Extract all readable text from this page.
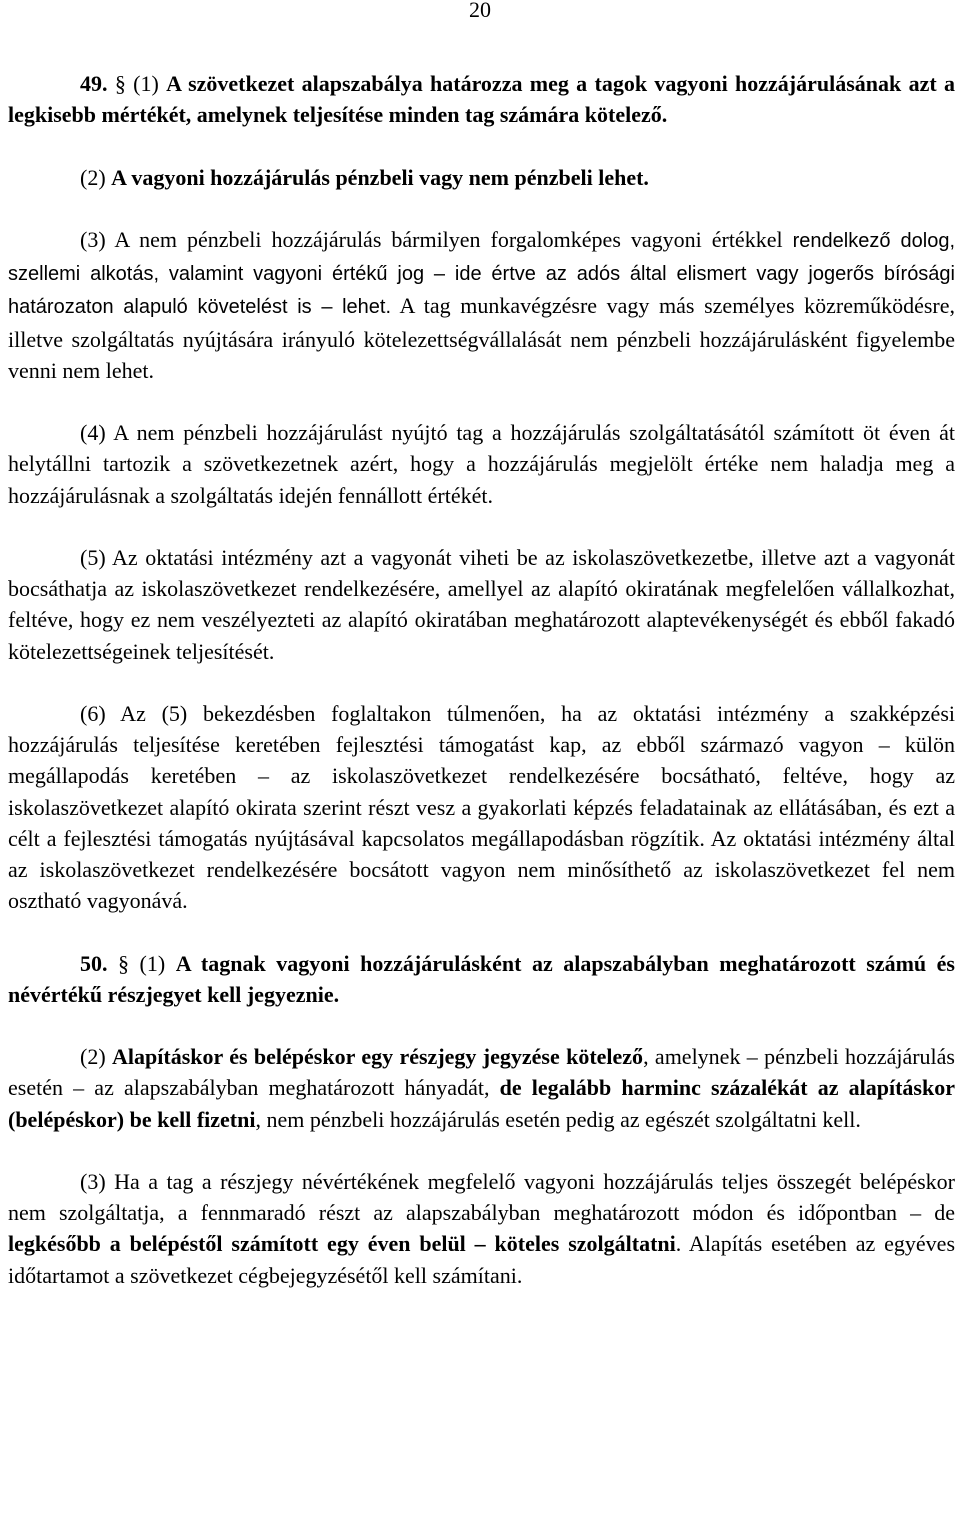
20

49. § (1) A szövetkezet alapszabálya határozza meg a tagok vagyoni hozzájárulásának azt a legkisebb mértékét, amelynek teljesítése minden tag számára kötelező.

(2) A vagyoni hozzájárulás pénzbeli vagy nem pénzbeli lehet.

(3) A nem pénzbeli hozzájárulás bármilyen forgalomképes vagyoni értékkel rendelkező dolog, szellemi alkotás, valamint vagyoni értékű jog – ide értve az adós által elismert vagy jogerős bírósági határozaton alapuló követelést is – lehet. A tag munkavégzésre vagy más személyes közreműködésre, illetve szolgáltatás nyújtására irányuló kötelezettségvállalását nem pénzbeli hozzájárulásként figyelembe venni nem lehet.

(4) A nem pénzbeli hozzájárulást nyújtó tag a hozzájárulás szolgáltatásától számított öt éven át helytállni tartozik a szövetkezetnek azért, hogy a hozzájárulás megjelölt értéke nem haladja meg a hozzájárulásnak a szolgáltatás idején fennállott értékét.

(5) Az oktatási intézmény azt a vagyonát viheti be az iskolaszövetkezetbe, illetve azt a vagyonát bocsáthatja az iskolaszövetkezet rendelkezésére, amellyel az alapító okiratának megfelelően vállalkozhat, feltéve, hogy ez nem veszélyezteti az alapító okiratában meghatározott alaptevékenységét és ebből fakadó kötelezettségeinek teljesítését.

(6) Az (5) bekezdésben foglaltakon túlmenően, ha az oktatási intézmény a szakképzési hozzájárulás teljesítése keretében fejlesztési támogatást kap, az ebből származó vagyon – külön megállapodás keretében – az iskolaszövetkezet rendelkezésére bocsátható, feltéve, hogy az iskolaszövetkezet alapító okirata szerint részt vesz a gyakorlati képzés feladatainak az ellátásában, és ezt a célt a fejlesztési támogatás nyújtásával kapcsolatos megállapodásban rögzítik. Az oktatási intézmény által az iskolaszövetkezet rendelkezésére bocsátott vagyon nem minősíthető az iskolaszövetkezet fel nem osztható vagyonává.

50. § (1) A tagnak vagyoni hozzájárulásként az alapszabályban meghatározott számú és névértékű részjegyet kell jegyeznie.

(2) Alapításkor és belépéskor egy részjegy jegyzése kötelező, amelynek – pénzbeli hozzájárulás esetén – az alapszabályban meghatározott hányadát, de legalább harminc százalékát az alapításkor (belépéskor) be kell fizetni, nem pénzbeli hozzájárulás esetén pedig az egészét szolgáltatni kell.

(3) Ha a tag a részjegy névértékének megfelelő vagyoni hozzájárulás teljes összegét belépéskor nem szolgáltatja, a fennmaradó részt az alapszabályban meghatározott módon és időpontban – de legkésőbb a belépéstől számított egy éven belül – köteles szolgáltatni. Alapítás esetében az egyéves időtartamot a szövetkezet cégbejegyzésétől kell számítani.
